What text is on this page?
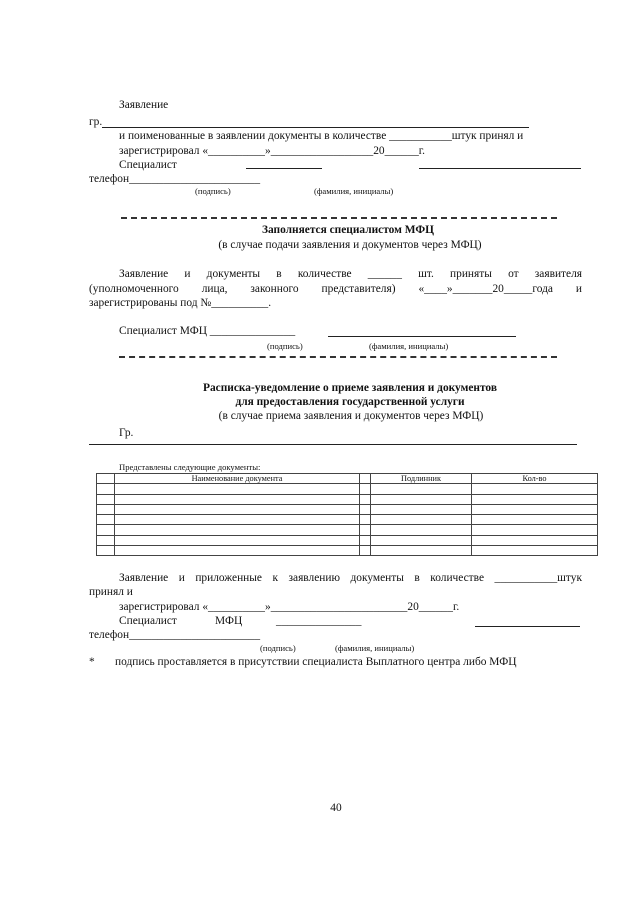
Заявление
гр.
и поименованные в заявлении документы в количестве ___________штук принял и
зарегистрировал «__________»__________________20______г.
Специалист
телефон_______________________
(подпись)	(фамилия, инициалы)
Заполняется специалистом МФЦ
(в случае подачи заявления и документов через МФЦ)
Заявление и документы в количестве ______ шт. приняты от заявителя
(уполномоченного лица, законного представителя) «____»_______20_____года и
зарегистрированы под №__________.
Специалист МФЦ _______________
(подпись)	(фамилия, инициалы)
Расписка-уведомление о приеме заявления и документов
для предоставления государственной услуги
(в случае приема заявления и документов через МФЦ)
Гр.
Представлены следующие документы:
	Наименование документа		Подлинник	Кол-во

Заявление и приложенные к заявлению документы в количестве ___________штук
принял и
зарегистрировал «__________»________________________20______г.
Специалист	МФЦ	_______________
телефон_______________________
(подпись)	(фамилия, инициалы)
* подпись проставляется в присутствии специалиста Выплатного центра либо МФЦ
40
